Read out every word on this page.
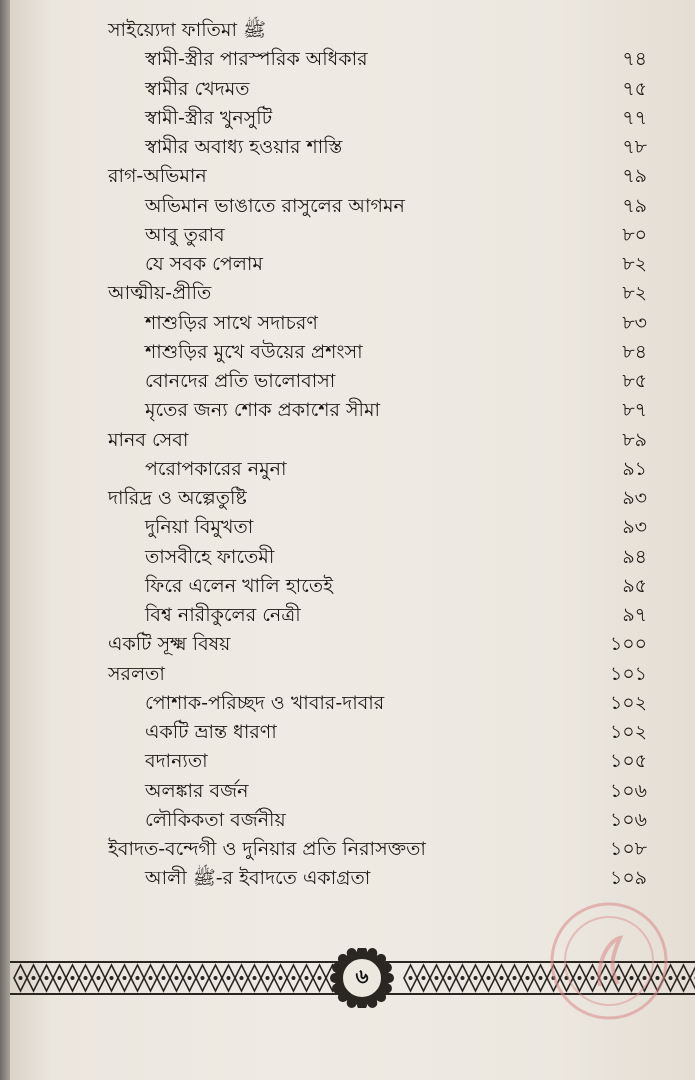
সাইয়্যেদা ফাতিমা ﷺ
স্বামী-স্ত্রীর পারস্পরিক অধিকার	৭৪
স্বামীর খেদমত	৭৫
স্বামী-স্ত্রীর খুনসুটি	৭৭
স্বামীর অবাধ্য হওয়ার শাস্তি	৭৮
রাগ-অভিমান	৭৯
অভিমান ভাঙাতে রাসুলের আগমন	৭৯
আবু তুরাব	৮০
যে সবক পেলাম	৮২
আত্মীয়-প্রীতি	৮২
শাশুড়ির সাথে সদাচরণ	৮৩
শাশুড়ির মুখে বউয়ের প্রশংসা	৮৪
বোনদের প্রতি ভালোবাসা	৮৫
মৃতের জন্য শোক প্রকাশের সীমা	৮৭
মানব সেবা	৮৯
পরোপকারের নমুনা	৯১
দারিদ্র ও অল্পেতুষ্টি	৯৩
দুনিয়া বিমুখতা	৯৩
তাসবীহে ফাতেমী	৯৪
ফিরে এলেন খালি হাতেই	৯৫
বিশ্ব নারীকুলের নেত্রী	৯৭
একটি সূক্ষ্ম বিষয়	১০০
সরলতা	১০১
পোশাক-পরিচ্ছদ ও খাবার-দাবার	১০২
একটি ভ্রান্ত ধারণা	১০২
বদান্যতা	১০৫
অলঙ্কার বর্জন	১০৬
লৌকিকতা বর্জনীয়	১০৬
ইবাদত-বন্দেগী ও দুনিয়ার প্রতি নিরাসক্ততা	১০৮
আলী ﷺ-র ইবাদতে একাগ্রতা	১০৯
৬
